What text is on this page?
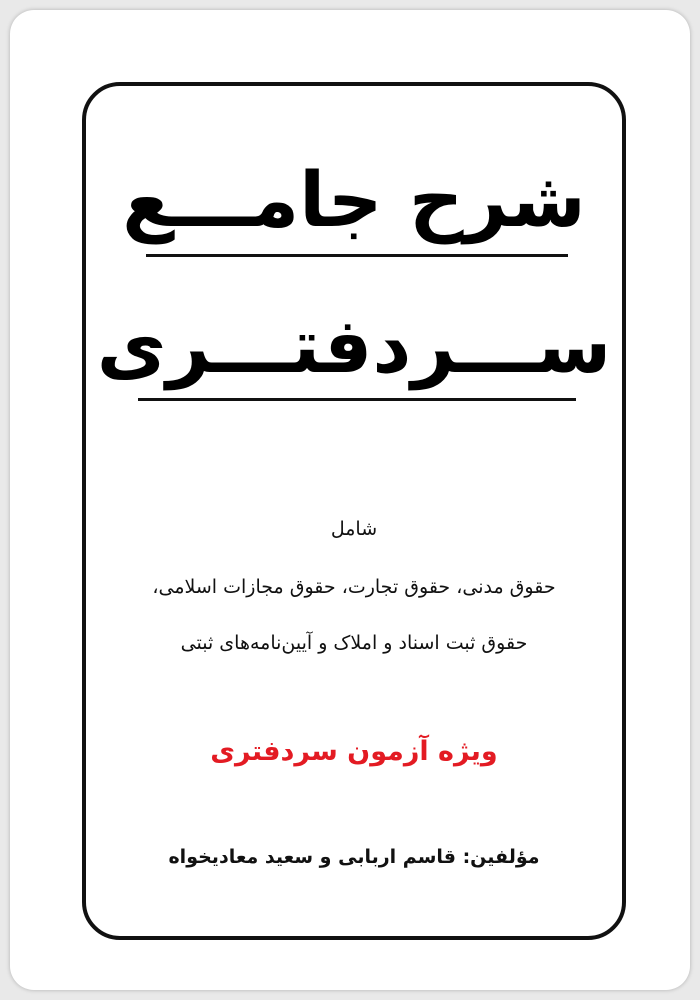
شرح جامـــع
ســـردفتـــری
شامل
حقوق مدنی، حقوق تجارت، حقوق مجازات اسلامی،
حقوق ثبت اسناد و املاک و آیین‌نامه‌های ثبتی
ویژه آزمون سردفتری
مؤلفین: قاسم اربابی و سعید معادیخواه
